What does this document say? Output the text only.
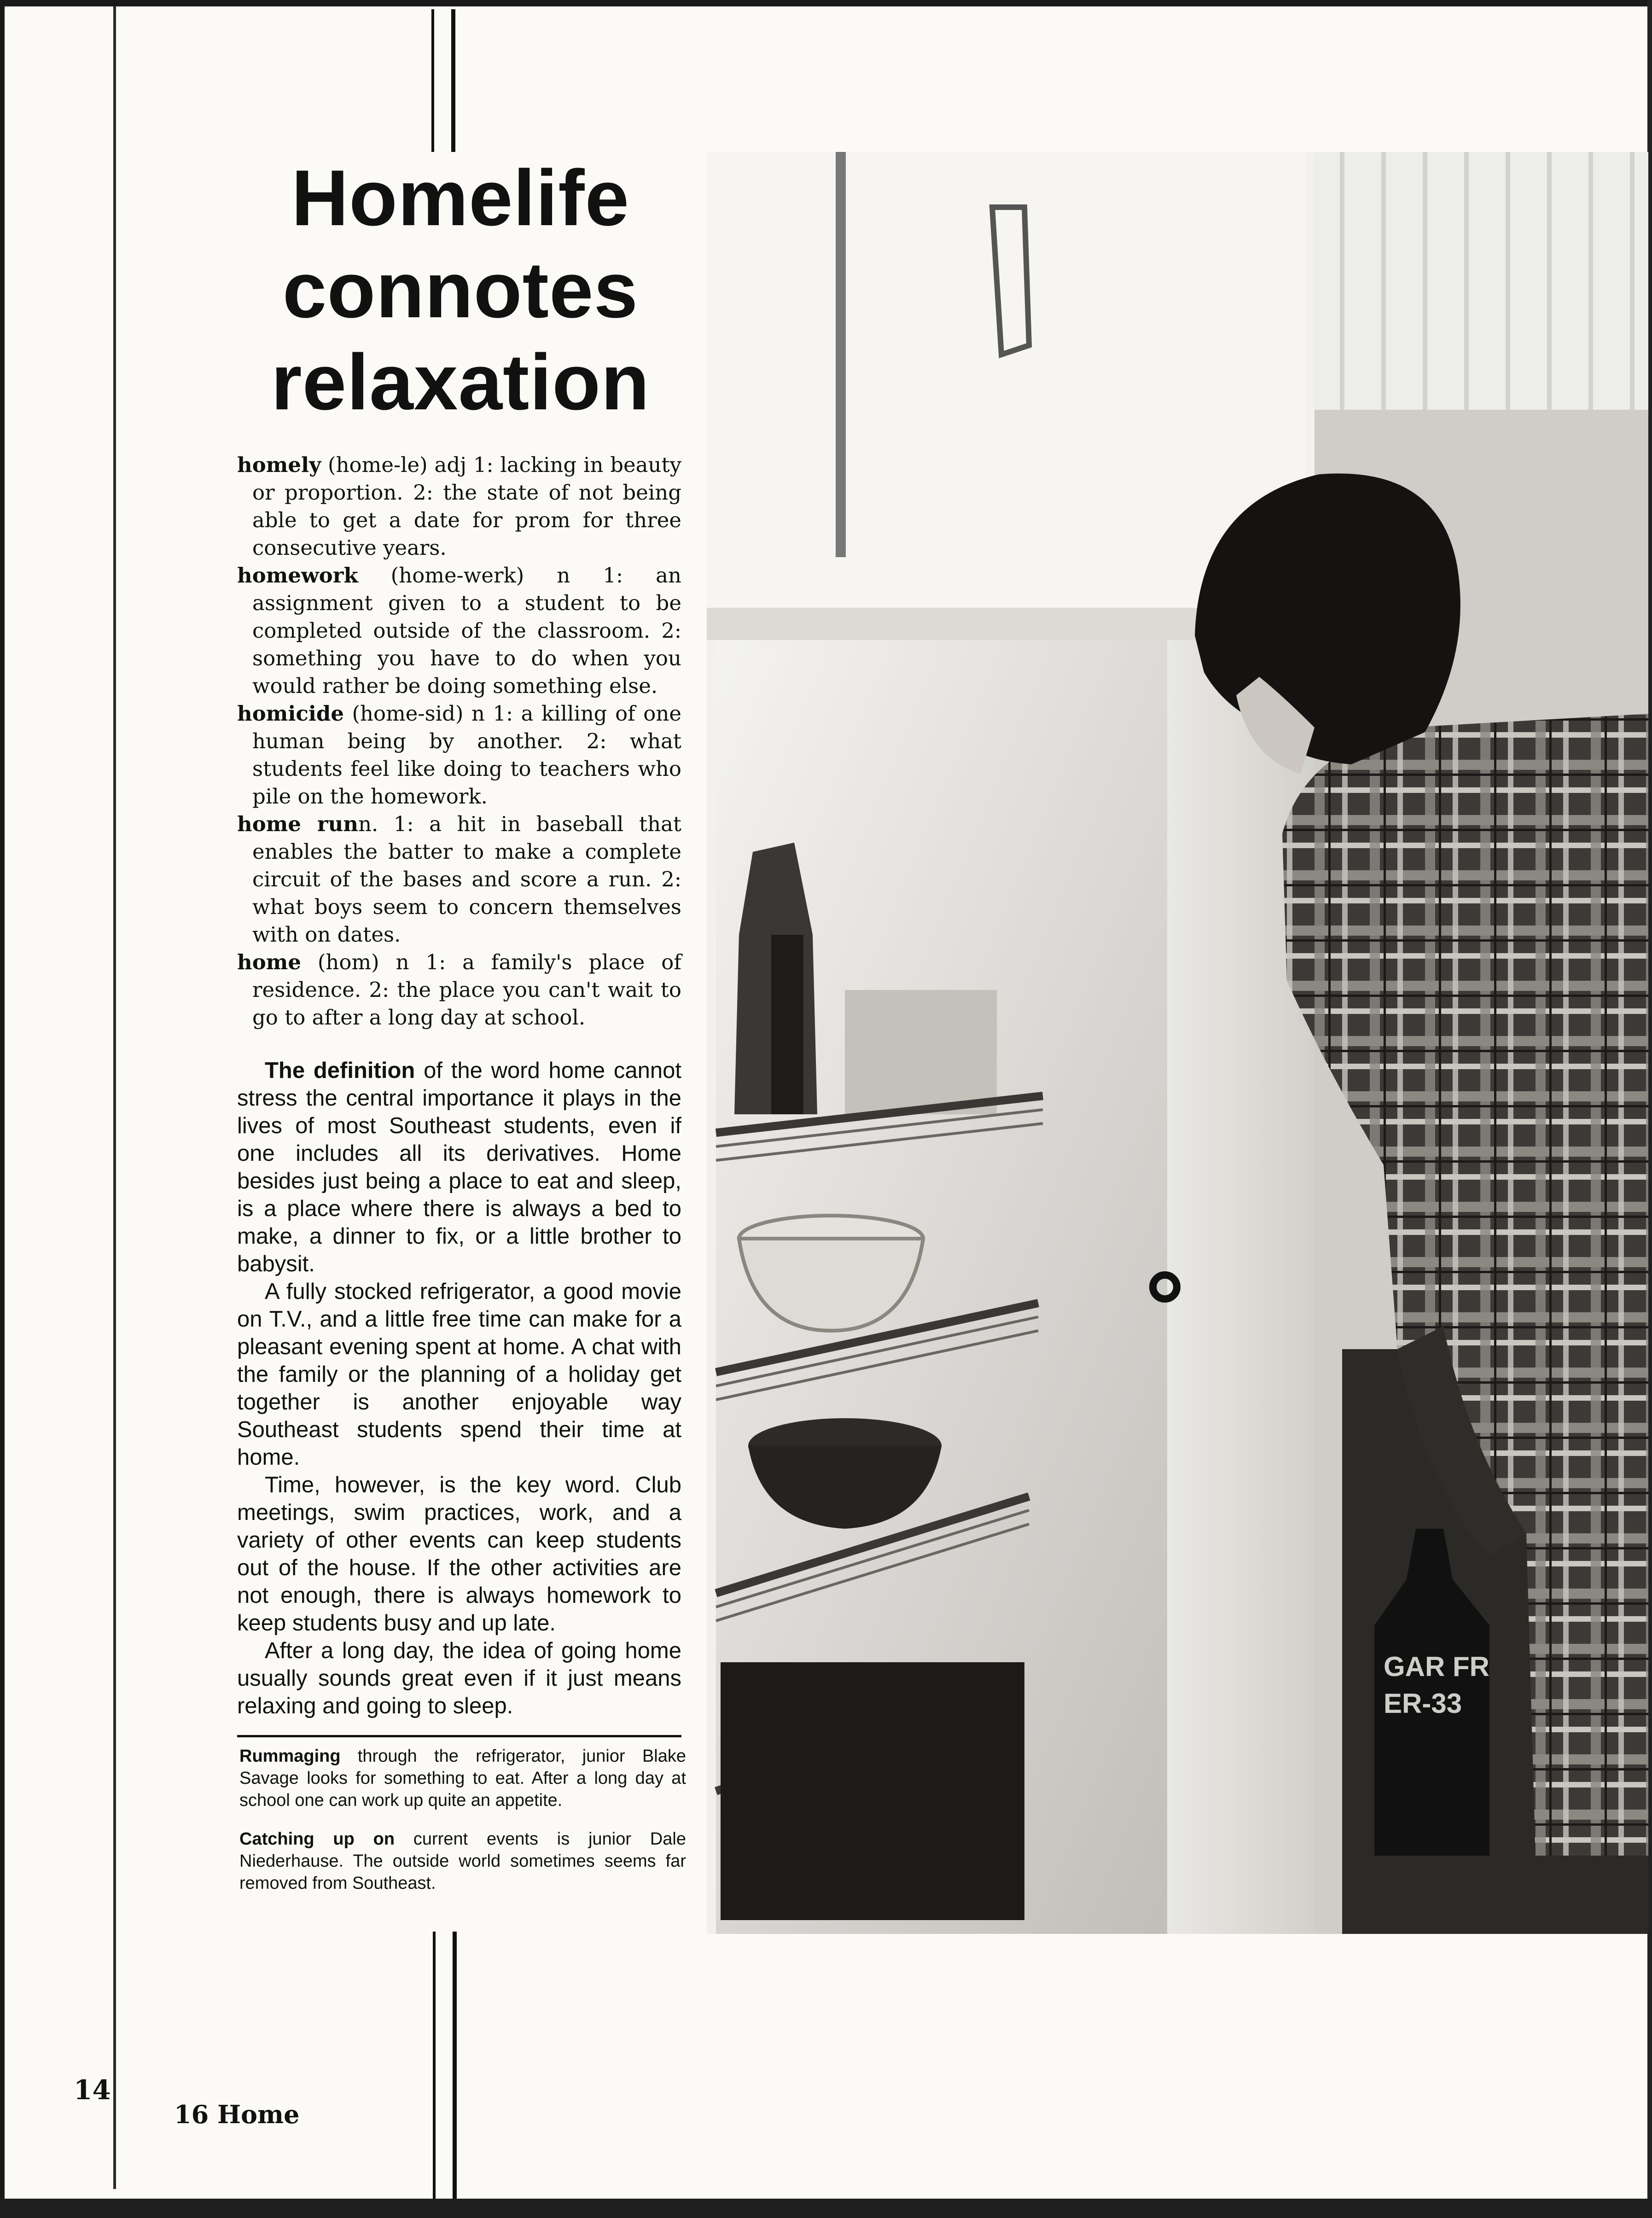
Homelife
connotes
relaxation

homely (home-le) adj 1: lacking in beauty or proportion. 2: the state of not being able to get a date for prom for three consecutive years.

homework (home-werk) n 1: an assignment given to a student to be completed outside of the classroom. 2: something you have to do when you would rather be doing something else.

homicide (home-sid) n 1: a killing of one human being by another. 2: what students feel like doing to teachers who pile on the homework.

home runn. 1: a hit in baseball that enables the batter to make a complete circuit of the bases and score a run. 2: what boys seem to concern themselves with on dates.

home (hom) n 1: a family's place of residence. 2: the place you can't wait to go to after a long day at school.

The definition of the word home cannot stress the central importance it plays in the lives of most Southeast students, even if one includes all its derivatives. Home besides just being a place to eat and sleep, is a place where there is always a bed to make, a dinner to fix, or a little brother to babysit.

A fully stocked refrigerator, a good movie on T.V., and a little free time can make for a pleasant evening spent at home. A chat with the family or the planning of a holiday get together is another enjoyable way Southeast students spend their time at home.

Time, however, is the key word. Club meetings, swim practices, work, and a variety of other events can keep students out of the house. If the other activities are not enough, there is always homework to keep students busy and up late.

After a long day, the idea of going home usually sounds great even if it just means relaxing and going to sleep.

Rummaging through the refrigerator, junior Blake Savage looks for something to eat. After a long day at school one can work up quite an appetite.

Catching up on current events is junior Dale Niederhause. The outside world sometimes seems far removed from Southeast.

GAR FR
ER-33
14
16 Home
